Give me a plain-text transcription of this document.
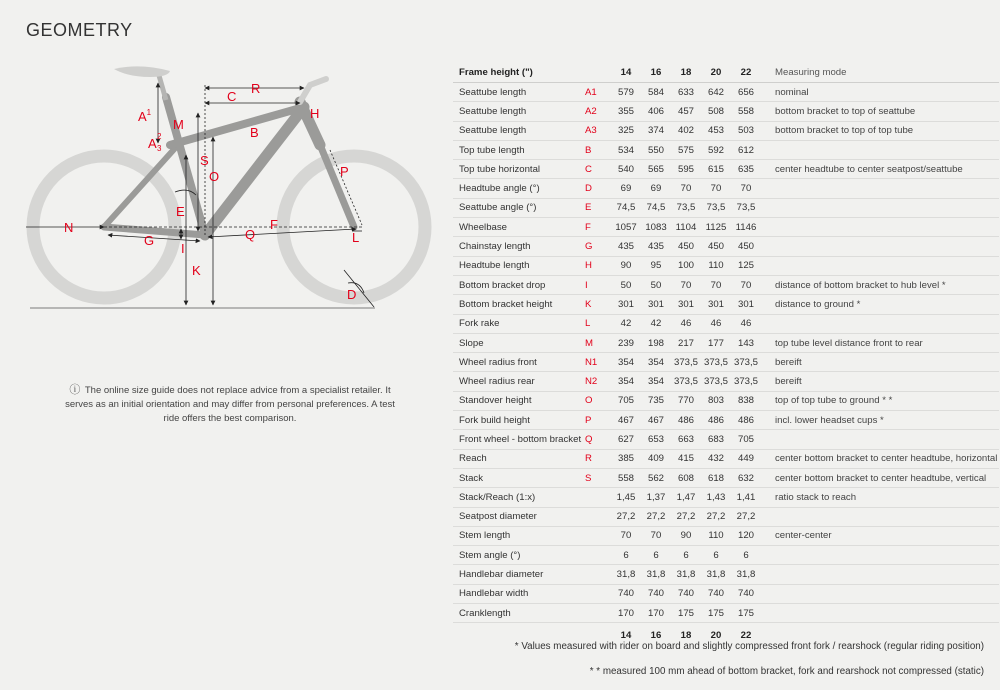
GEOMETRY
$A^1$
A 2
3
M
R
C
B
H
S
O	P
E
N
G
F
Q	L
I
K
D
ⓘ The online size guide does not replace advice from a specialist retailer. It serves as an initial orientation and may differ from personal preferences. A test ride offers the best comparison.
Frame height (")		14	16	18	20	22	Measuring mode
Seattube length	A1	579	584	633	642	656	nominal
Seattube length	A2	355	406	457	508	558	bottom bracket to top of seattube
Seattube length	A3	325	374	402	453	503	bottom bracket to top of top tube
Top tube length	B	534	550	575	592	612	
Top tube horizontal	C	540	565	595	615	635	center headtube to center seatpost/seattube
Headtube angle (°)	D	69	69	70	70	70	
Seattube angle (°)	E	74,5	74,5	73,5	73,5	73,5	
Wheelbase	F	1057	1083	1104	1125	1146	
Chainstay length	G	435	435	450	450	450	
Headtube length	H	90	95	100	110	125	
Bottom bracket drop	I	50	50	70	70	70	distance of bottom bracket to hub level *
Bottom bracket height	K	301	301	301	301	301	distance to ground *
Fork rake	L	42	42	46	46	46	
Slope	M	239	198	217	177	143	top tube level distance front to rear
Wheel radius front	N1	354	354	373,5	373,5	373,5	bereift
Wheel radius rear	N2	354	354	373,5	373,5	373,5	bereift
Standover height	O	705	735	770	803	838	top of top tube to ground * *
Fork build height	P	467	467	486	486	486	incl. lower headset cups *
Front wheel - bottom bracket	Q	627	653	663	683	705	
Reach	R	385	409	415	432	449	center bottom bracket to center headtube, horizontal
Stack	S	558	562	608	618	632	center bottom bracket to center headtube, vertical
Stack/Reach (1:x)		1,45	1,37	1,47	1,43	1,41	ratio stack to reach
Seatpost diameter		27,2	27,2	27,2	27,2	27,2	
Stem length		70	70	90	110	120	center-center
Stem angle (°)		6	6	6	6	6	
Handlebar diameter		31,8	31,8	31,8	31,8	31,8	
Handlebar width		740	740	740	740	740	
Cranklength		170	170	175	175	175	
		14	16	18	20	22	
* Values measured with rider on board and slightly compressed front fork / rearshock (regular riding position)
* * measured 100 mm ahead of bottom bracket, fork and rearshock not compressed (static)
